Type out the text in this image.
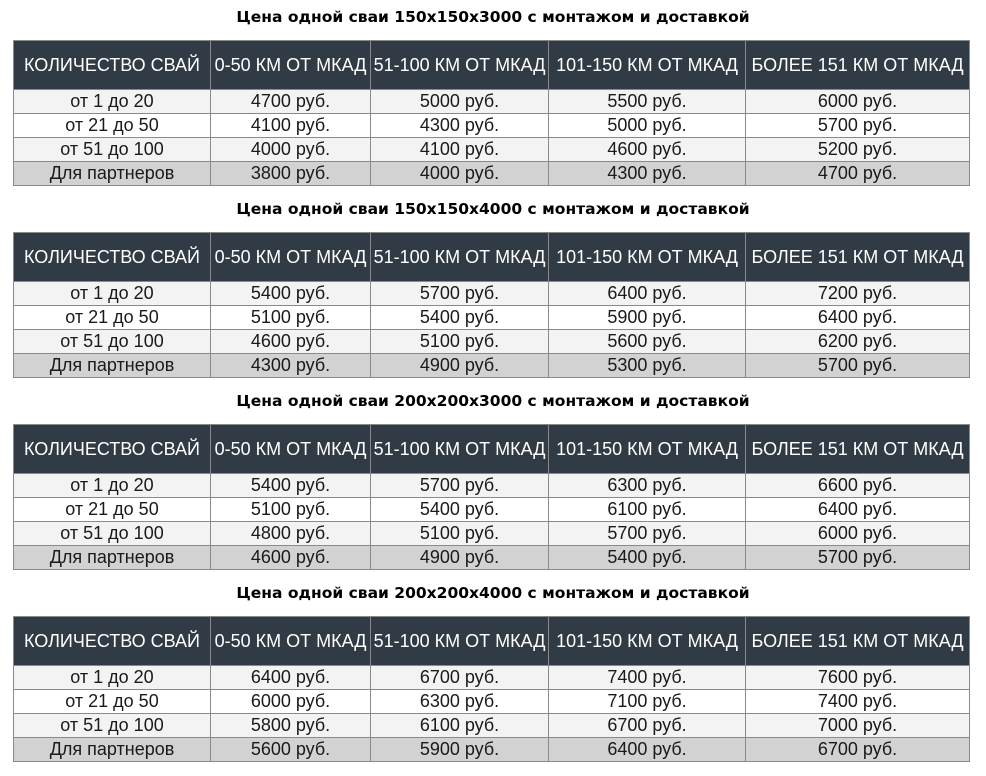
Цена одной сваи 150х150х3000 с монтажом и доставкой
КОЛИЧЕСТВО СВАЙ	0-50 КМ ОТ МКАД	51-100 КМ ОТ МКАД	101-150 КМ ОТ МКАД	БОЛЕЕ 151 КМ ОТ МКАД
от 1 до 20	4700 руб.	5000 руб.	5500 руб.	6000 руб.
от 21 до 50	4100 руб.	4300 руб.	5000 руб.	5700 руб.
от 51 до 100	4000 руб.	4100 руб.	4600 руб.	5200 руб.
Для партнеров	3800 руб.	4000 руб.	4300 руб.	4700 руб.
Цена одной сваи 150х150х4000 с монтажом и доставкой
КОЛИЧЕСТВО СВАЙ	0-50 КМ ОТ МКАД	51-100 КМ ОТ МКАД	101-150 КМ ОТ МКАД	БОЛЕЕ 151 КМ ОТ МКАД
от 1 до 20	5400 руб.	5700 руб.	6400 руб.	7200 руб.
от 21 до 50	5100 руб.	5400 руб.	5900 руб.	6400 руб.
от 51 до 100	4600 руб.	5100 руб.	5600 руб.	6200 руб.
Для партнеров	4300 руб.	4900 руб.	5300 руб.	5700 руб.
Цена одной сваи 200х200х3000 с монтажом и доставкой
КОЛИЧЕСТВО СВАЙ	0-50 КМ ОТ МКАД	51-100 КМ ОТ МКАД	101-150 КМ ОТ МКАД	БОЛЕЕ 151 КМ ОТ МКАД
от 1 до 20	5400 руб.	5700 руб.	6300 руб.	6600 руб.
от 21 до 50	5100 руб.	5400 руб.	6100 руб.	6400 руб.
от 51 до 100	4800 руб.	5100 руб.	5700 руб.	6000 руб.
Для партнеров	4600 руб.	4900 руб.	5400 руб.	5700 руб.
Цена одной сваи 200х200х4000 с монтажом и доставкой
КОЛИЧЕСТВО СВАЙ	0-50 КМ ОТ МКАД	51-100 КМ ОТ МКАД	101-150 КМ ОТ МКАД	БОЛЕЕ 151 КМ ОТ МКАД
от 1 до 20	6400 руб.	6700 руб.	7400 руб.	7600 руб.
от 21 до 50	6000 руб.	6300 руб.	7100 руб.	7400 руб.
от 51 до 100	5800 руб.	6100 руб.	6700 руб.	7000 руб.
Для партнеров	5600 руб.	5900 руб.	6400 руб.	6700 руб.
